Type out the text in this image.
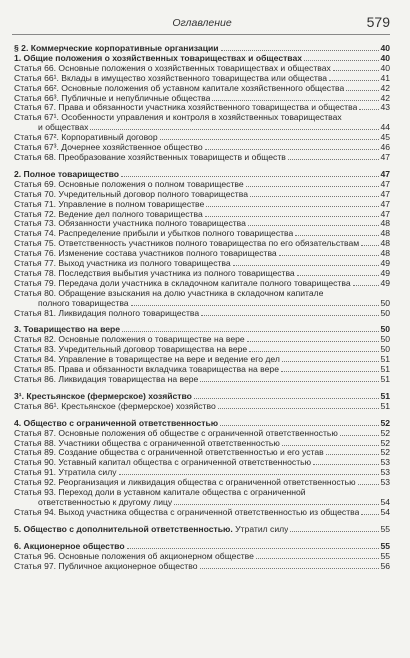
Оглавление	579
§ 2. Коммерческие корпоративные организации	40
1. Общие положения о хозяйственных товариществах и обществах	40
Статья 66. Основные положения о хозяйственных товариществах и обществах	40
Статья 66¹. Вклады в имущество хозяйственного товарищества или общества	41
Статья 66². Основные положения об уставном капитале хозяйственного общества	42
Статья 66³. Публичные и непубличные общества	42
Статья 67. Права и обязанности участника хозяйственного товарищества и общества	43
Статья 67¹. Особенности управления и контроля в хозяйственных товариществах
и обществах	44
Статья 67². Корпоративный договор	45
Статья 67³. Дочернее хозяйственное общество	46
Статья 68. Преобразование хозяйственных товариществ и обществ	47
2. Полное товарищество	47
Статья 69. Основные положения о полном товариществе	47
Статья 70. Учредительный договор полного товарищества	47
Статья 71. Управление в полном товариществе	47
Статья 72. Ведение дел полного товарищества	47
Статья 73. Обязанности участника полного товарищества	48
Статья 74. Распределение прибыли и убытков полного товарищества	48
Статья 75. Ответственность участников полного товарищества по его обязательствам 48
Статья 76. Изменение состава участников полного товарищества	48
Статья 77. Выход участника из полного товарищества	49
Статья 78. Последствия выбытия участника из полного товарищества	49
Статья 79. Передача доли участника в складочном капитале полного товарищества	49
Статья 80. Обращение взыскания на долю участника в складочном капитале
полного товарищества	50
Статья 81. Ликвидация полного товарищества	50
3. Товарищество на вере	50
Статья 82. Основные положения о товариществе на вере	50
Статья 83. Учредительный договор товарищества на вере	50
Статья 84. Управление в товариществе на вере и ведение его дел	51
Статья 85. Права и обязанности вкладчика товарищества на вере	51
Статья 86. Ликвидация товарищества на вере	51
3¹. Крестьянское (фермерское) хозяйство	51
Статья 86¹. Крестьянское (фермерское) хозяйство	51
4. Общество с ограниченной ответственностью	52
Статья 87. Основные положения об обществе с ограниченной ответственностью	52
Статья 88. Участники общества с ограниченной ответственностью	52
Статья 89. Создание общества с ограниченной ответственностью и его устав	52
Статья 90. Уставный капитал общества с ограниченной ответственностью	53
Статья 91. Утратила силу	53
Статья 92. Реорганизация и ликвидация общества с ограниченной ответственностью	53
Статья 93. Переход доли в уставном капитале общества с ограниченной
ответственностью к другому лицу	54
Статья 94. Выход участника общества с ограниченной ответственностью из общества 54
5. Общество с дополнительной ответственностью. Утратил силу	55
6. Акционерное общество	55
Статья 96. Основные положения об акционерном обществе	55
Статья 97. Публичное акционерное общество	56
